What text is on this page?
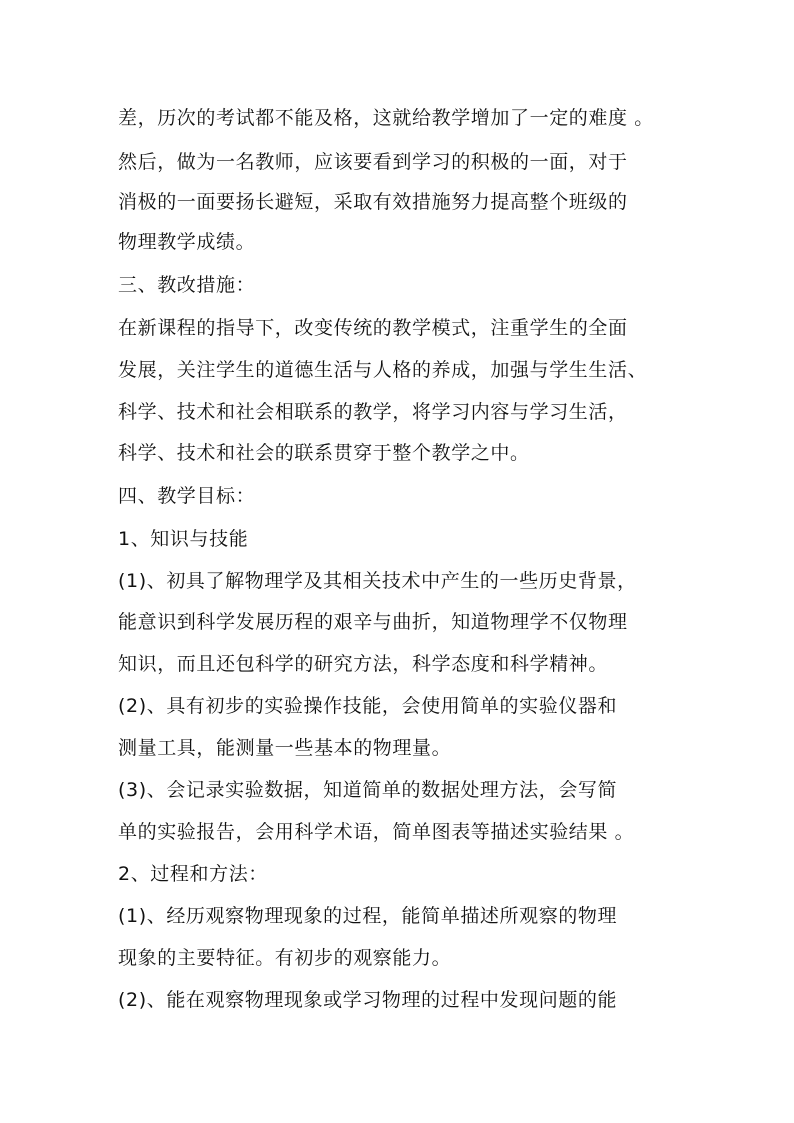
差，历次的考试都不能及格，这就给教学增加了一定的难度 。
然后，做为一名教师，应该要看到学习的积极的一面，对于
消极的一面要扬长避短，采取有效措施努力提高整个班级的
物理教学成绩。
三、教改措施：
在新课程的指导下，改变传统的教学模式，注重学生的全面
发展，关注学生的道德生活与人格的养成，加强与学生生活、
科学、技术和社会相联系的教学，将学习内容与学习生活，
科学、技术和社会的联系贯穿于整个教学之中。
四、教学目标：
1、知识与技能
(1)、初具了解物理学及其相关技术中产生的一些历史背景，
能意识到科学发展历程的艰辛与曲折，知道物理学不仅物理
知识，而且还包科学的研究方法，科学态度和科学精神。
(2)、具有初步的实验操作技能，会使用简单的实验仪器和
测量工具，能测量一些基本的物理量。
(3)、会记录实验数据，知道简单的数据处理方法，会写简
单的实验报告，会用科学术语，简单图表等描述实验结果 。
2、过程和方法：
(1)、经历观察物理现象的过程，能简单描述所观察的物理
现象的主要特征。有初步的观察能力。
(2)、能在观察物理现象或学习物理的过程中发现问题的能
